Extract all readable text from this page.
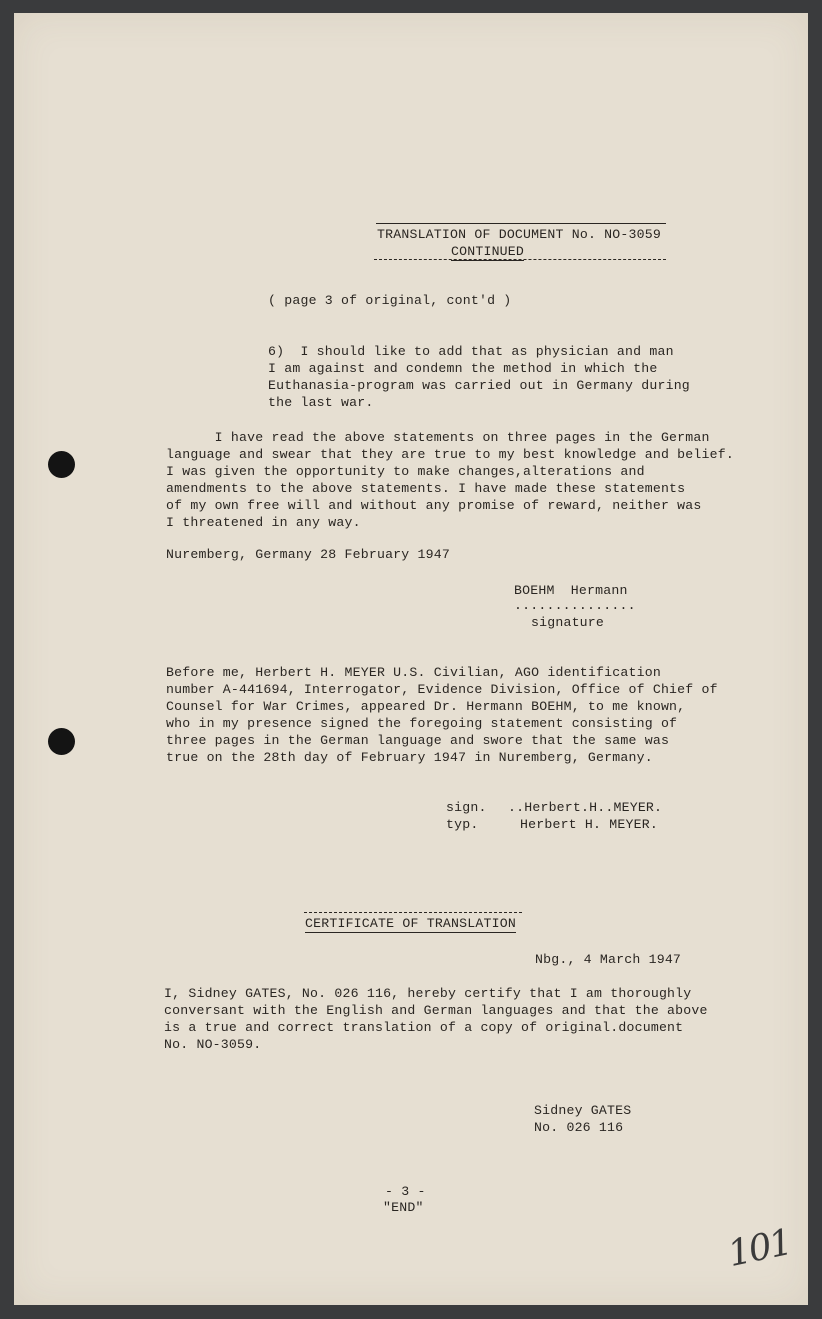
TRANSLATION OF DOCUMENT No. NO-3059
CONTINUED
( page 3 of original, cont'd )
6)  I should like to add that as physician and man
I am against and condemn the method in which the
Euthanasia-program was carried out in Germany during
the last war.
I have read the above statements on three pages in the German
language and swear that they are true to my best knowledge and belief.
I was given the opportunity to make changes,alterations and
amendments to the above statements. I have made these statements
of my own free will and without any promise of reward, neither was
I threatened in any way.
Nuremberg, Germany 28 February 1947
BOEHM  Hermann
...............
signature
Before me, Herbert H. MEYER U.S. Civilian, AGO identification
number A-441694, Interrogator, Evidence Division, Office of Chief of
Counsel for War Crimes, appeared Dr. Hermann BOEHM, to me known,
who in my presence signed the foregoing statement consisting of
three pages in the German language and swore that the same was
true on the 28th day of February 1947 in Nuremberg, Germany.
sign. ..Herbert.H..MEYER.
typ.	Herbert H. MEYER.
CERTIFICATE OF TRANSLATION
Nbg., 4 March 1947
I, Sidney GATES, No. 026 116, hereby certify that I am thoroughly
conversant with the English and German languages and that the above
is a true and correct translation of a copy of original.document
No. NO-3059.
Sidney GATES
No. 026 116
- 3 -
"END"
101
